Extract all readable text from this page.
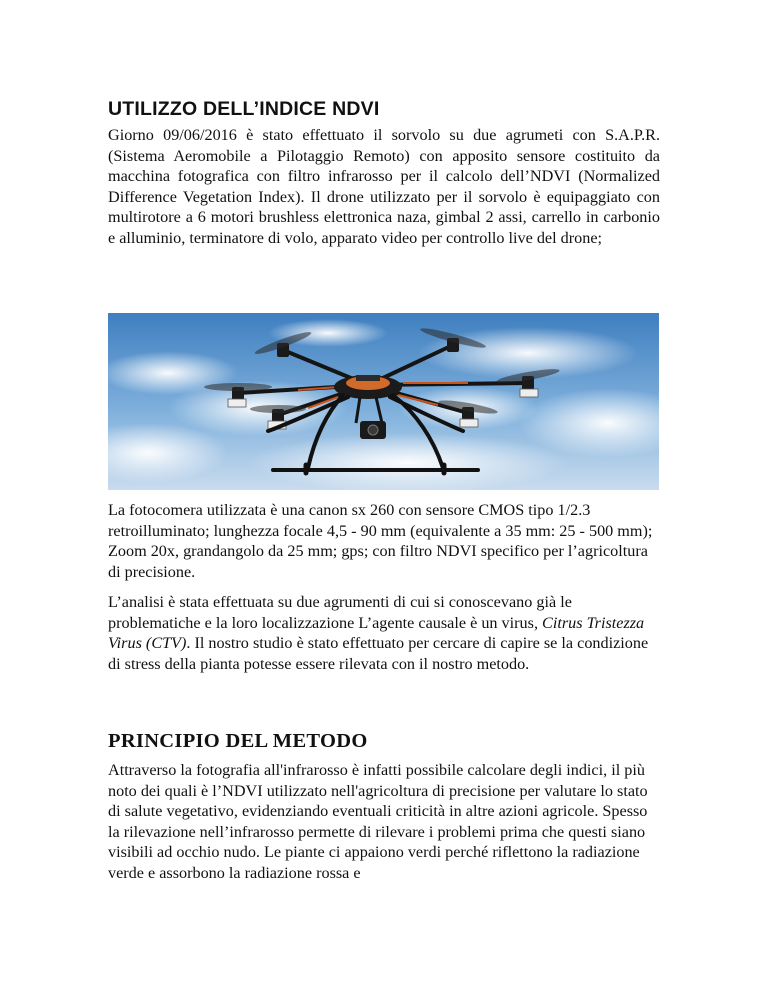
UTILIZZO DELL’INDICE NDVI

Giorno 09/06/2016 è stato effettuato il sorvolo su due agrumeti con S.A.P.R. (Sistema Aeromobile a Pilotaggio Remoto) con apposito sensore costituito da macchina fotografica con filtro infrarosso per il calcolo dell’NDVI (Normalized Difference Vegetation Index). Il drone utilizzato per il sorvolo è equipaggiato con multirotore a 6 motori brushless elettronica naza, gimbal 2 assi, carrello in carbonio e alluminio, terminatore di volo, apparato video per controllo live del drone;

La fotocomera utilizzata è una canon sx 260 con sensore CMOS tipo 1/2.3 retroilluminato; lunghezza focale 4,5 - 90 mm (equivalente a 35 mm: 25 - 500 mm); Zoom 20x, grandangolo da 25 mm; gps; con filtro NDVI specifico per l’agricoltura di precisione.

L’analisi è stata effettuata su due agrumenti di cui si conoscevano già le problematiche e la loro localizzazione L’agente causale è un virus, Citrus Tristezza Virus (CTV). Il nostro studio è stato effettuato per cercare di capire se la condizione di stress della pianta potesse essere rilevata con il nostro metodo.

PRINCIPIO DEL METODO

Attraverso la fotografia all'infrarosso è infatti possibile calcolare degli indici, il più noto dei quali è l’NDVI utilizzato nell'agricoltura di precisione per valutare lo stato di salute vegetativo, evidenziando eventuali criticità in altre azioni agricole. Spesso la rilevazione nell’infrarosso permette di rilevare i problemi prima che questi siano visibili ad occhio nudo. Le piante ci appaiono verdi perché riflettono la radiazione verde e assorbono la radiazione rossa e
